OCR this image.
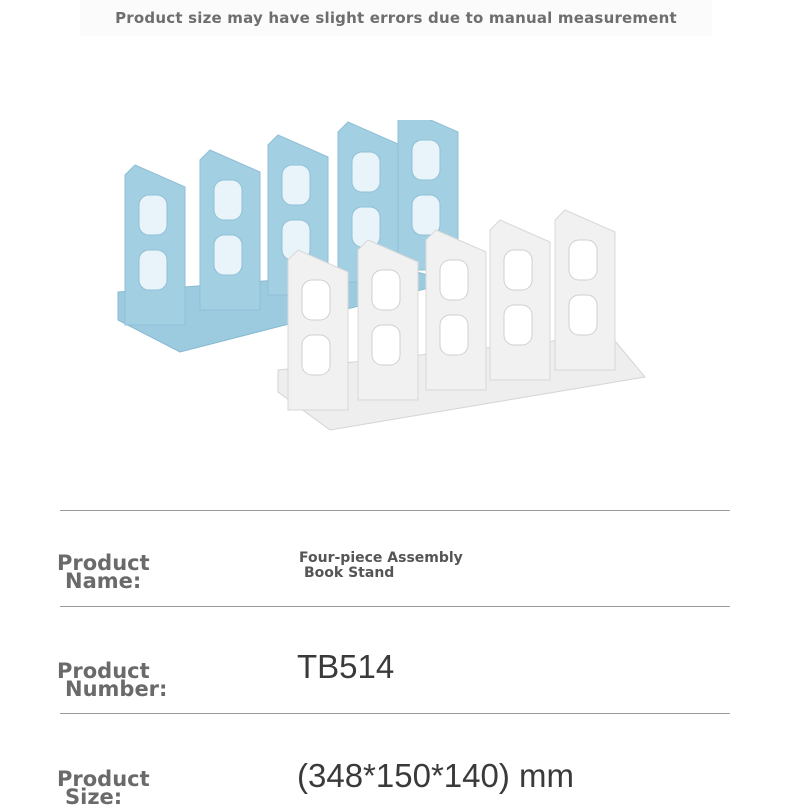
Product size may have slight errors due to manual measurement
Product
Name:
Four-piece Assembly
Book Stand
Product
Number:
TB514
Product
Size:
(348*150*140) mm
